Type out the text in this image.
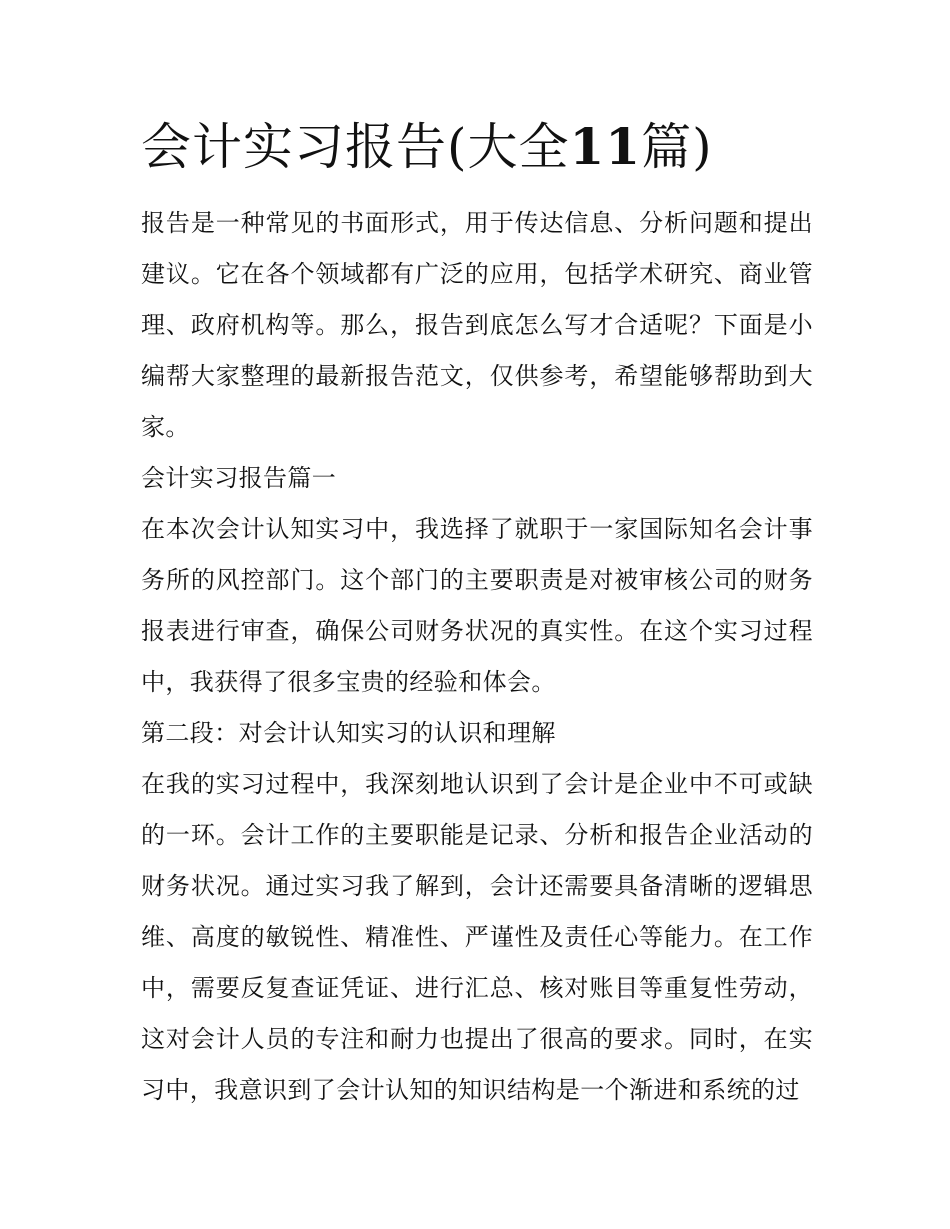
会计实习报告(大全11篇)

报告是一种常见的书面形式，用于传达信息、分析问题和提出建议。它在各个领域都有广泛的应用，包括学术研究、商业管理、政府机构等。那么，报告到底怎么写才合适呢？下面是小编帮大家整理的最新报告范文，仅供参考，希望能够帮助到大家。

会计实习报告篇一

在本次会计认知实习中，我选择了就职于一家国际知名会计事务所的风控部门。这个部门的主要职责是对被审核公司的财务报表进行审查，确保公司财务状况的真实性。在这个实习过程中，我获得了很多宝贵的经验和体会。

第二段：对会计认知实习的认识和理解

在我的实习过程中，我深刻地认识到了会计是企业中不可或缺的一环。会计工作的主要职能是记录、分析和报告企业活动的财务状况。通过实习我了解到，会计还需要具备清晰的逻辑思维、高度的敏锐性、精准性、严谨性及责任心等能力。在工作中，需要反复查证凭证、进行汇总、核对账目等重复性劳动，这对会计人员的专注和耐力也提出了很高的要求。同时，在实习中，我意识到了会计认知的知识结构是一个渐进和系统的过
